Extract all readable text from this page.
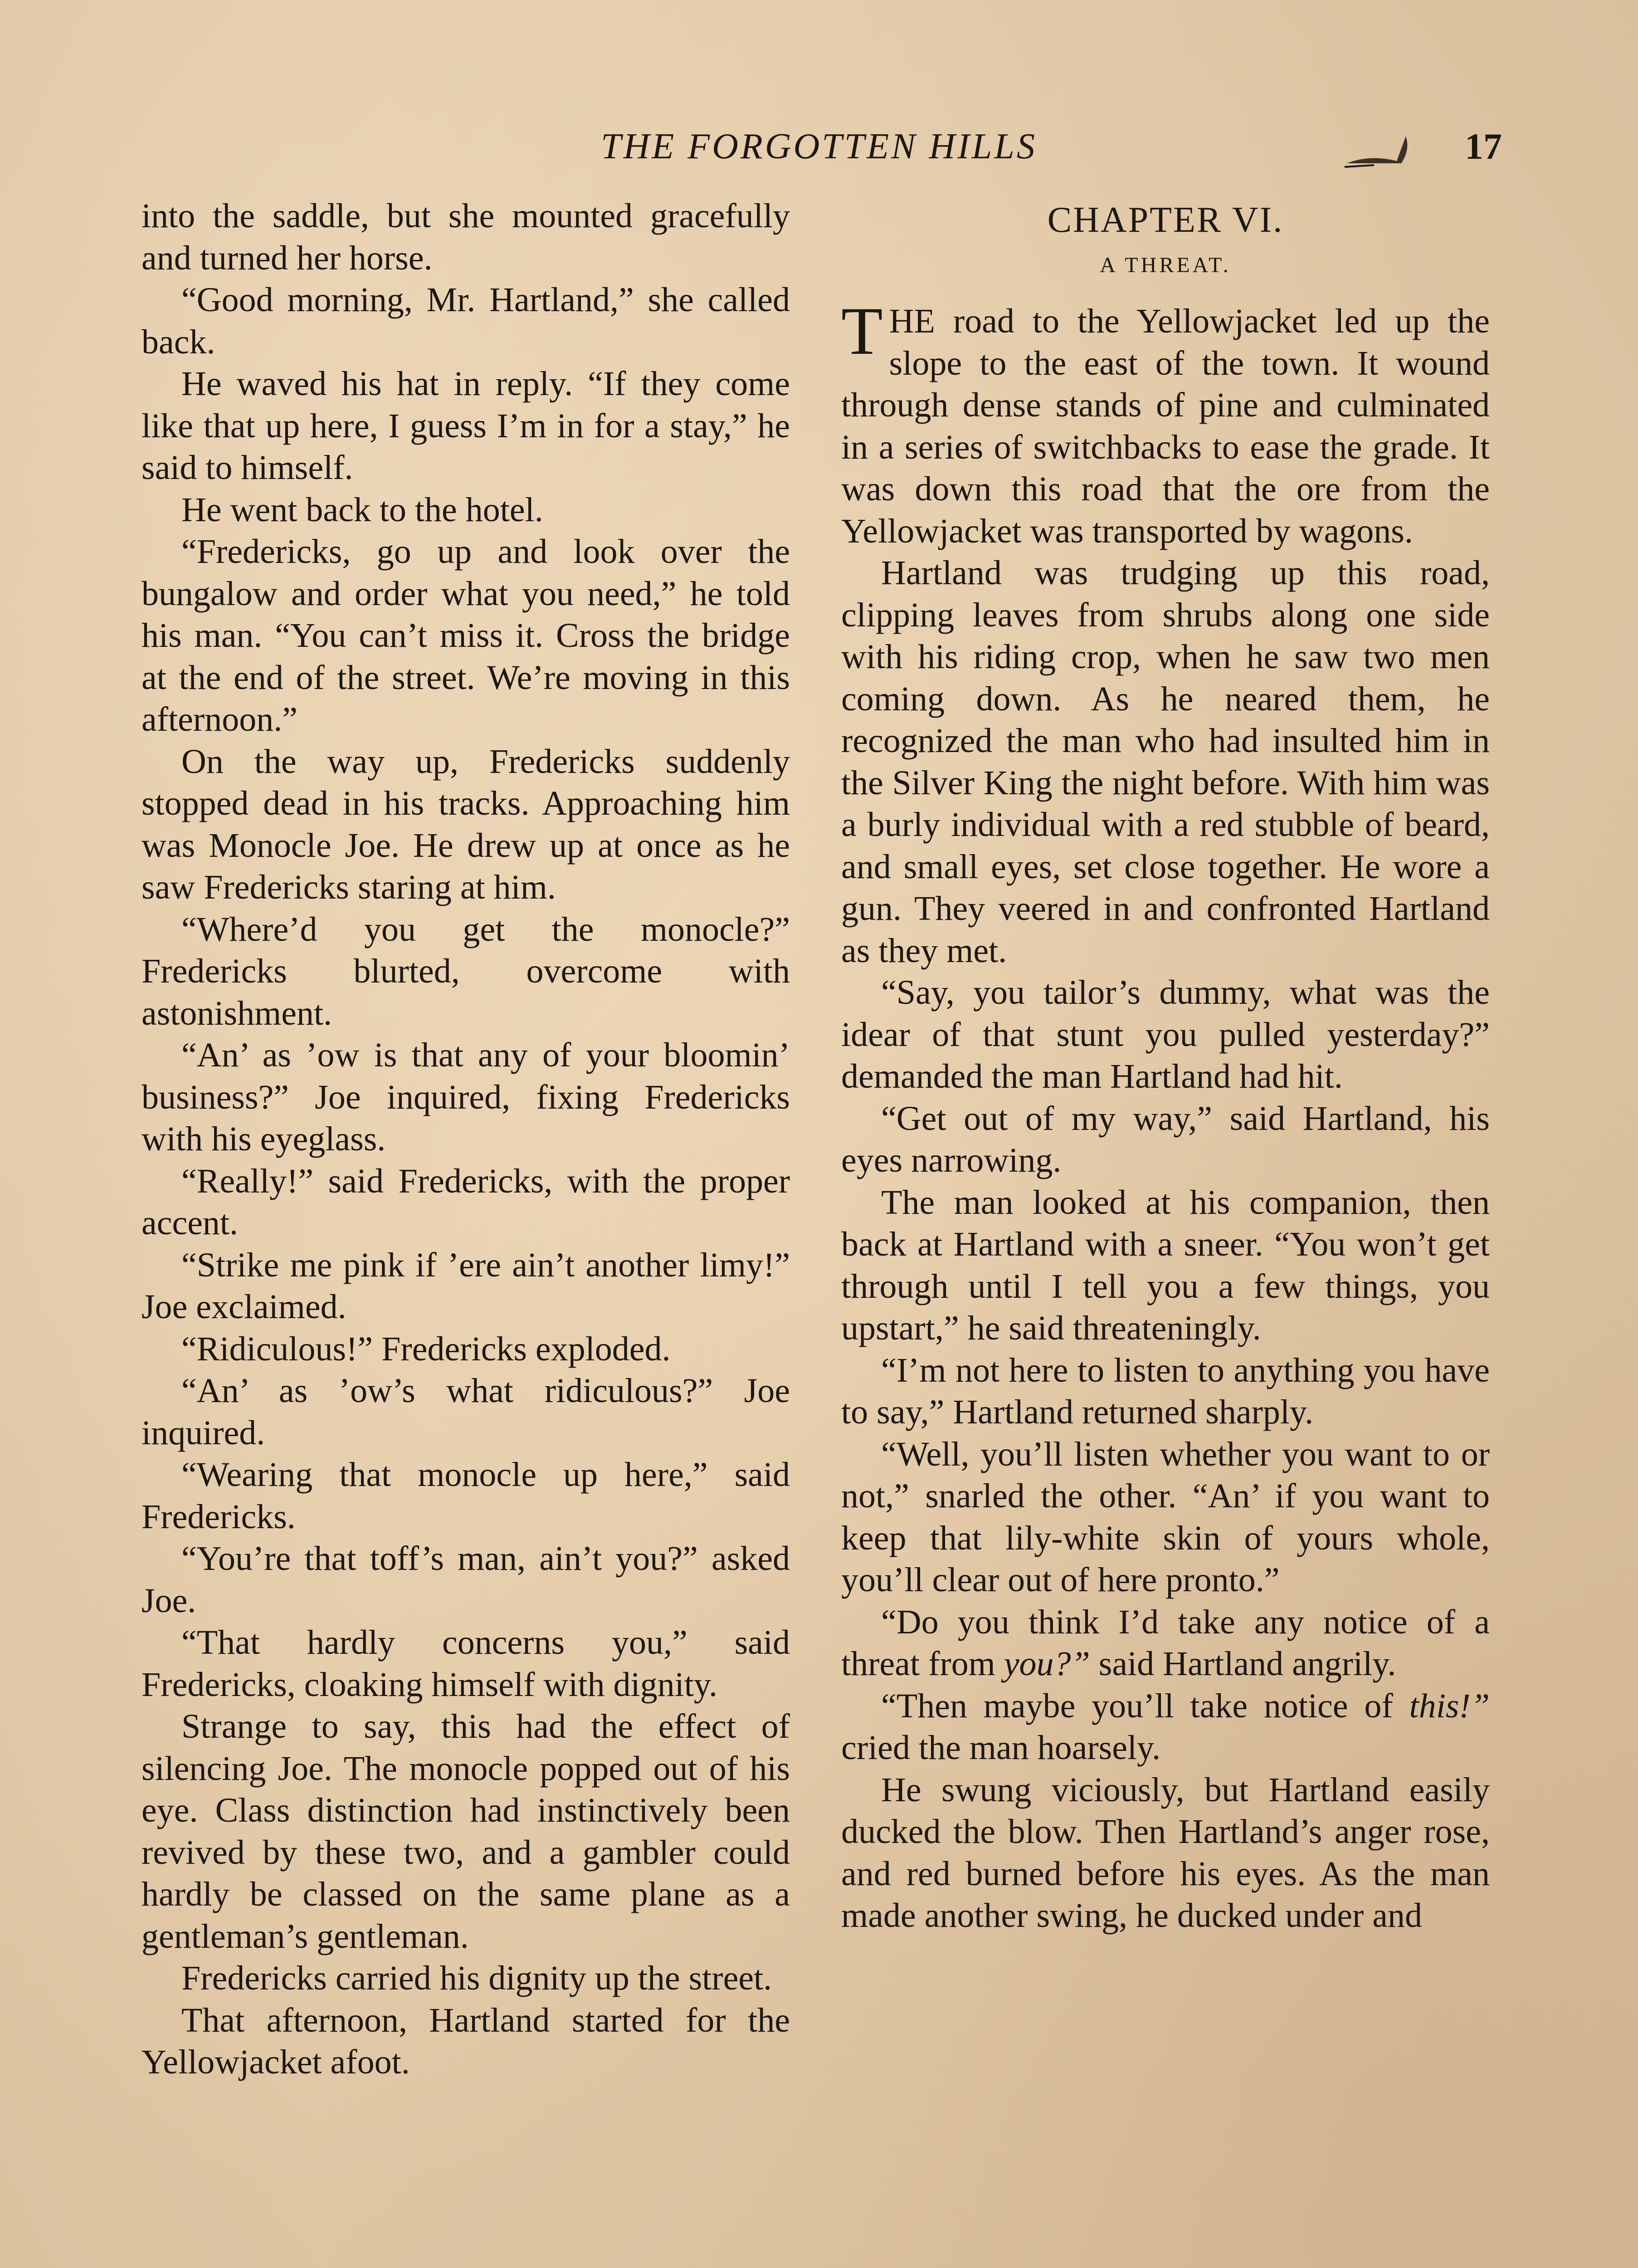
THE FORGOTTEN HILLS	17

into the saddle, but she mounted gracefully and turned her horse.

“Good morning, Mr. Hartland,” she called back.

He waved his hat in reply. “If they come like that up here, I guess I’m in for a stay,” he said to himself.

He went back to the hotel.

“Fredericks, go up and look over the bungalow and order what you need,” he told his man. “You can’t miss it. Cross the bridge at the end of the street. We’re moving in this afternoon.”

On the way up, Fredericks suddenly stopped dead in his tracks. Approaching him was Monocle Joe. He drew up at once as he saw Fredericks staring at him.

“Where’d you get the monocle?” Fredericks blurted, overcome with astonishment.

“An’ as ’ow is that any of your bloomin’ business?” Joe inquired, fixing Fredericks with his eyeglass.

“Really!” said Fredericks, with the proper accent.

“Strike me pink if ’ere ain’t another limy!” Joe exclaimed.

“Ridiculous!” Fredericks exploded.

“An’ as ’ow’s what ridiculous?” Joe inquired.

“Wearing that monocle up here,” said Fredericks.

“You’re that toff’s man, ain’t you?” asked Joe.

“That hardly concerns you,” said Fredericks, cloaking himself with dignity.

Strange to say, this had the effect of silencing Joe. The monocle popped out of his eye. Class distinction had instinctively been revived by these two, and a gambler could hardly be classed on the same plane as a gentleman’s gentleman.

Fredericks carried his dignity up the street.

That afternoon, Hartland started for the Yellowjacket afoot.

CHAPTER VI.
A THREAT.

THE road to the Yellowjacket led up the slope to the east of the town. It wound through dense stands of pine and culminated in a series of switchbacks to ease the grade. It was down this road that the ore from the Yellowjacket was transported by wagons.

Hartland was trudging up this road, clipping leaves from shrubs along one side with his riding crop, when he saw two men coming down. As he neared them, he recognized the man who had insulted him in the Silver King the night before. With him was a burly individual with a red stubble of beard, and small eyes, set close together. He wore a gun. They veered in and confronted Hartland as they met.

“Say, you tailor’s dummy, what was the idear of that stunt you pulled yesterday?” demanded the man Hartland had hit.

“Get out of my way,” said Hartland, his eyes narrowing.

The man looked at his companion, then back at Hartland with a sneer. “You won’t get through until I tell you a few things, you upstart,” he said threateningly.

“I’m not here to listen to anything you have to say,” Hartland returned sharply.

“Well, you’ll listen whether you want to or not,” snarled the other. “An’ if you want to keep that lily-white skin of yours whole, you’ll clear out of here pronto.”

“Do you think I’d take any notice of a threat from you?” said Hartland angrily.

“Then maybe you’ll take notice of this!” cried the man hoarsely.

He swung viciously, but Hartland easily ducked the blow. Then Hartland’s anger rose, and red burned before his eyes. As the man made another swing, he ducked under and
